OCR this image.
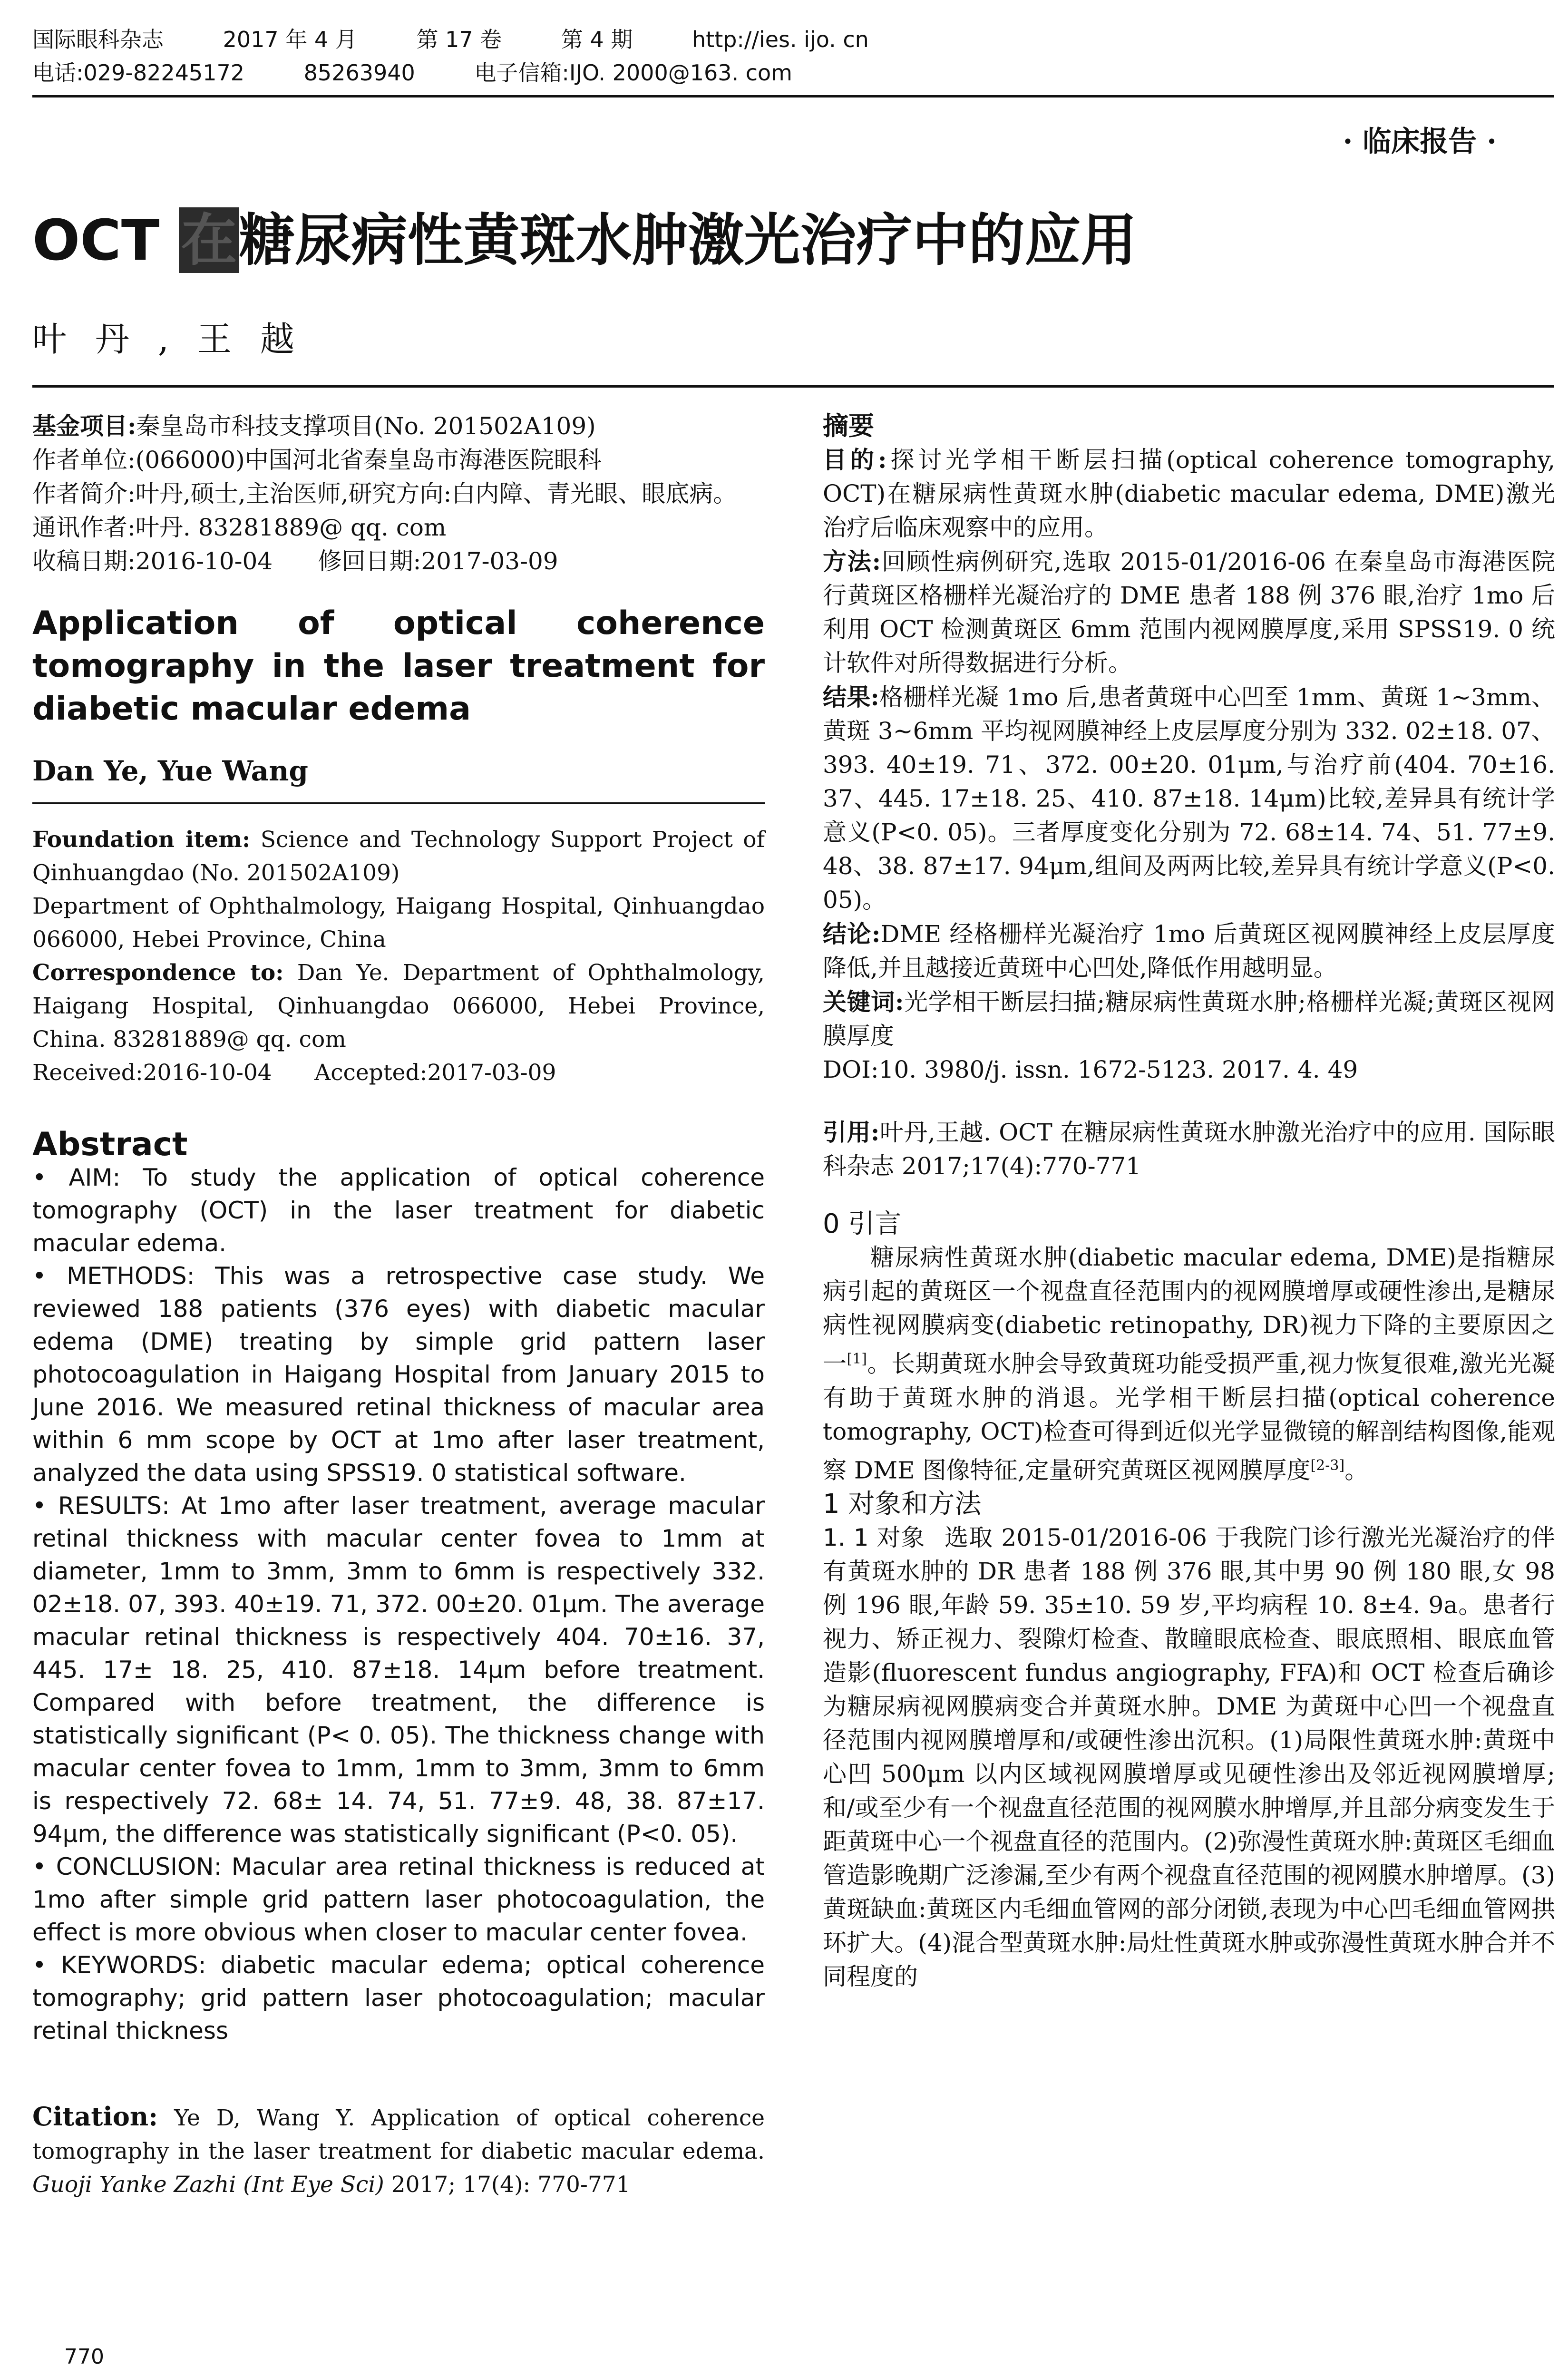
国际眼科杂志	2017 年 4 月	第 17 卷	第 4 期	http://ies. ijo. cn
电话:029-82245172	85263940	电子信箱:IJO. 2000@163. com
· 临床报告 ·
OCT 在糖尿病性黄斑水肿激光治疗中的应用
叶丹,王越

基金项目:秦皇岛市科技支撑项目(No. 201502A109)

作者单位:(066000)中国河北省秦皇岛市海港医院眼科

作者简介:叶丹,硕士,主治医师,研究方向:白内障、青光眼、眼底病。

通讯作者:叶丹. 83281889@ qq. com

收稿日期:2016-10-04      修回日期:2017-03-09

Application of optical coherence tomography in the laser treatment for diabetic macular edema
Dan Ye, Yue Wang

Foundation item: Science and Technology Support Project of Qinhuangdao (No. 201502A109)

Department of Ophthalmology, Haigang Hospital, Qinhuangdao 066000, Hebei Province, China

Correspondence to: Dan Ye. Department of Ophthalmology, Haigang Hospital, Qinhuangdao 066000, Hebei Province, China. 83281889@ qq. com

Received:2016-10-04      Accepted:2017-03-09

Abstract

• AIM: To study the application of optical coherence tomography (OCT) in the laser treatment for diabetic macular edema.

• METHODS: This was a retrospective case study. We reviewed 188 patients (376 eyes) with diabetic macular edema (DME) treating by simple grid pattern laser photocoagulation in Haigang Hospital from January 2015 to June 2016. We measured retinal thickness of macular area within 6 mm scope by OCT at 1mo after laser treatment, analyzed the data using SPSS19. 0 statistical software.

• RESULTS: At 1mo after laser treatment, average macular retinal thickness with macular center fovea to 1mm at diameter, 1mm to 3mm, 3mm to 6mm is respectively 332. 02±18. 07, 393. 40±19. 71, 372. 00±20. 01μm. The average macular retinal thickness is respectively 404. 70±16. 37, 445. 17± 18. 25, 410. 87±18. 14μm before treatment. Compared with before treatment, the difference is statistically significant (P< 0. 05). The thickness change with macular center fovea to 1mm, 1mm to 3mm, 3mm to 6mm is respectively 72. 68± 14. 74, 51. 77±9. 48, 38. 87±17. 94μm, the difference was statistically significant (P<0. 05).

• CONCLUSION: Macular area retinal thickness is reduced at 1mo after simple grid pattern laser photocoagulation, the effect is more obvious when closer to macular center fovea.

• KEYWORDS: diabetic macular edema; optical coherence tomography; grid pattern laser photocoagulation; macular retinal thickness

Citation: Ye D, Wang Y. Application of optical coherence tomography in the laser treatment for diabetic macular edema. Guoji Yanke Zazhi (Int Eye Sci) 2017; 17(4): 770-771

摘要

目的:探讨光学相干断层扫描(optical coherence tomography, OCT)在糖尿病性黄斑水肿(diabetic macular edema, DME)激光治疗后临床观察中的应用。

方法:回顾性病例研究,选取 2015-01/2016-06 在秦皇岛市海港医院行黄斑区格栅样光凝治疗的 DME 患者 188 例 376 眼,治疗 1mo 后利用 OCT 检测黄斑区 6mm 范围内视网膜厚度,采用 SPSS19. 0 统计软件对所得数据进行分析。

结果:格栅样光凝 1mo 后,患者黄斑中心凹至 1mm、黄斑 1~3mm、黄斑 3~6mm 平均视网膜神经上皮层厚度分别为 332. 02±18. 07、393. 40±19. 71、372. 00±20. 01μm,与治疗前(404. 70±16. 37、445. 17±18. 25、410. 87±18. 14μm)比较,差异具有统计学意义(P<0. 05)。三者厚度变化分别为 72. 68±14. 74、51. 77±9. 48、38. 87±17. 94μm,组间及两两比较,差异具有统计学意义(P<0. 05)。

结论:DME 经格栅样光凝治疗 1mo 后黄斑区视网膜神经上皮层厚度降低,并且越接近黄斑中心凹处,降低作用越明显。

关键词:光学相干断层扫描;糖尿病性黄斑水肿;格栅样光凝;黄斑区视网膜厚度

DOI:10. 3980/j. issn. 1672-5123. 2017. 4. 49

引用:叶丹,王越. OCT 在糖尿病性黄斑水肿激光治疗中的应用. 国际眼科杂志 2017;17(4):770-771

0 引言

糖尿病性黄斑水肿(diabetic macular edema, DME)是指糖尿病引起的黄斑区一个视盘直径范围内的视网膜增厚或硬性渗出,是糖尿病性视网膜病变(diabetic retinopathy, DR)视力下降的主要原因之一[1]。长期黄斑水肿会导致黄斑功能受损严重,视力恢复很难,激光光凝有助于黄斑水肿的消退。光学相干断层扫描(optical coherence tomography, OCT)检查可得到近似光学显微镜的解剖结构图像,能观察 DME 图像特征,定量研究黄斑区视网膜厚度[2-3]。

1 对象和方法

1. 1 对象 选取 2015-01/2016-06 于我院门诊行激光光凝治疗的伴有黄斑水肿的 DR 患者 188 例 376 眼,其中男 90 例 180 眼,女 98 例 196 眼,年龄 59. 35±10. 59 岁,平均病程 10. 8±4. 9a。患者行视力、矫正视力、裂隙灯检查、散瞳眼底检查、眼底照相、眼底血管造影(fluorescent fundus angiography, FFA)和 OCT 检查后确诊为糖尿病视网膜病变合并黄斑水肿。DME 为黄斑中心凹一个视盘直径范围内视网膜增厚和/或硬性渗出沉积。(1)局限性黄斑水肿:黄斑中心凹 500μm 以内区域视网膜增厚或见硬性渗出及邻近视网膜增厚;和/或至少有一个视盘直径范围的视网膜水肿增厚,并且部分病变发生于距黄斑中心一个视盘直径的范围内。(2)弥漫性黄斑水肿:黄斑区毛细血管造影晚期广泛渗漏,至少有两个视盘直径范围的视网膜水肿增厚。(3)黄斑缺血:黄斑区内毛细血管网的部分闭锁,表现为中心凹毛细血管网拱环扩大。(4)混合型黄斑水肿:局灶性黄斑水肿或弥漫性黄斑水肿合并不同程度的

770
